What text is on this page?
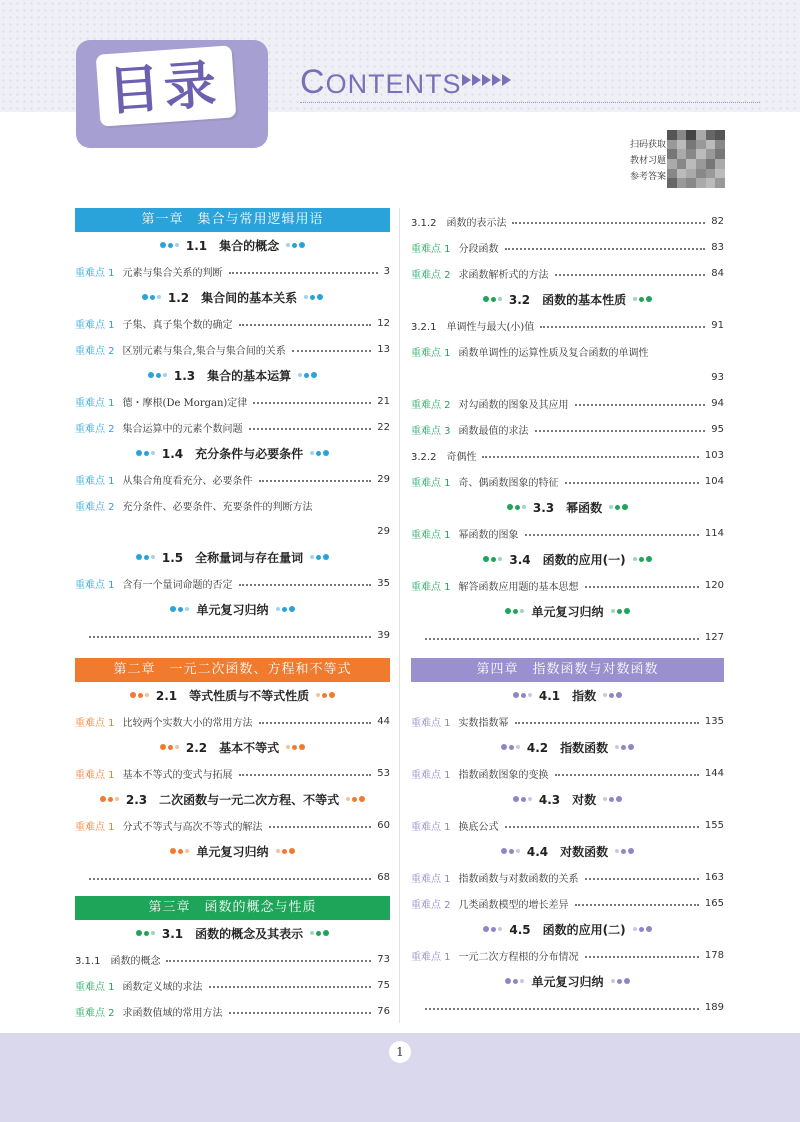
目录	CONTENTS
扫码获取
教材习题
参考答案
第一章　集合与常用逻辑用语
1.1　集合的概念
重难点 1 元素与集合关系的判断	3
1.2　集合间的基本关系
重难点 1 子集、真子集个数的确定	12
重难点 2 区别元素与集合,集合与集合间的关系	13
1.3　集合的基本运算
重难点 1 德・摩根(De Morgan)定律	21
重难点 2 集合运算中的元素个数问题	22
1.4　充分条件与必要条件
重难点 1 从集合角度看充分、必要条件	29
重难点 2 充分条件、必要条件、充要条件的判断方法
29
1.5　全称量词与存在量词
重难点 1 含有一个量词命题的否定	35
单元复习归纳
39
第二章　一元二次函数、方程和不等式
2.1　等式性质与不等式性质
重难点 1 比较两个实数大小的常用方法	44
2.2　基本不等式
重难点 1 基本不等式的变式与拓展	53
2.3　二次函数与一元二次方程、不等式
重难点 1 分式不等式与高次不等式的解法	60
单元复习归纳
68
第三章　函数的概念与性质
3.1　函数的概念及其表示
3.1.1　函数的概念	73
重难点 1 函数定义域的求法	75
重难点 2 求函数值域的常用方法	76
3.1.2　函数的表示法	82
重难点 1 分段函数	83
重难点 2 求函数解析式的方法	84
3.2　函数的基本性质
3.2.1　单调性与最大(小)值	91
重难点 1 函数单调性的运算性质及复合函数的单调性
93
重难点 2 对勾函数的图象及其应用	94
重难点 3 函数最值的求法	95
3.2.2　奇偶性	103
重难点 1 奇、偶函数图象的特征	104
3.3　幂函数
重难点 1 幂函数的图象	114
3.4　函数的应用(一)
重难点 1 解答函数应用题的基本思想	120
单元复习归纳
127
第四章　指数函数与对数函数
4.1　指数
重难点 1 实数指数幂	135
4.2　指数函数
重难点 1 指数函数图象的变换	144
4.3　对数
重难点 1 换底公式	155
4.4　对数函数
重难点 1 指数函数与对数函数的关系	163
重难点 2 几类函数模型的增长差异	165
4.5　函数的应用(二)
重难点 1 一元二次方程根的分布情况	178
单元复习归纳
189
1
